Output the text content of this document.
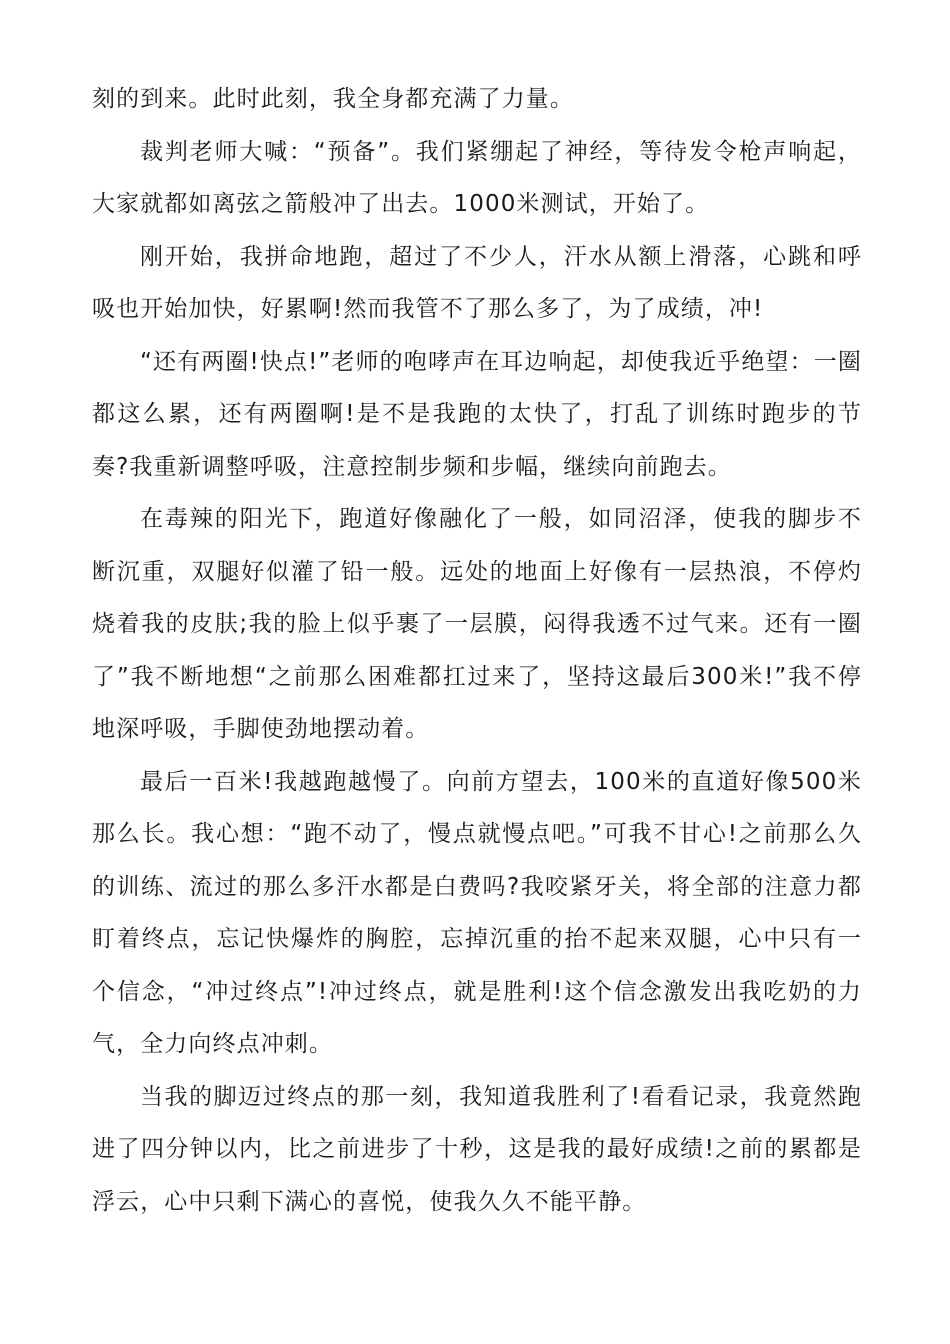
刻的到来。此时此刻，我全身都充满了力量。

裁判老师大喊：“预备”。我们紧绷起了神经，等待发令枪声响起，大家就都如离弦之箭般冲了出去。1000米测试，开始了。

刚开始，我拼命地跑，超过了不少人，汗水从额上滑落，心跳和呼吸也开始加快，好累啊!然而我管不了那么多了，为了成绩，冲!

“还有两圈!快点!”老师的咆哮声在耳边响起，却使我近乎绝望：一圈都这么累，还有两圈啊!是不是我跑的太快了，打乱了训练时跑步的节奏?我重新调整呼吸，注意控制步频和步幅，继续向前跑去。

在毒辣的阳光下，跑道好像融化了一般，如同沼泽，使我的脚步不断沉重，双腿好似灌了铅一般。远处的地面上好像有一层热浪，不停灼烧着我的皮肤;我的脸上似乎裹了一层膜，闷得我透不过气来。还有一圈了”我不断地想“之前那么困难都扛过来了，坚持这最后300米!”我不停地深呼吸，手脚使劲地摆动着。

最后一百米!我越跑越慢了。向前方望去，100米的直道好像500米那么长。我心想：“跑不动了，慢点就慢点吧。”可我不甘心!之前那么久的训练、流过的那么多汗水都是白费吗?我咬紧牙关，将全部的注意力都盯着终点，忘记快爆炸的胸腔，忘掉沉重的抬不起来双腿，心中只有一个信念，“冲过终点”!冲过终点，就是胜利!这个信念激发出我吃奶的力气，全力向终点冲刺。

当我的脚迈过终点的那一刻，我知道我胜利了!看看记录，我竟然跑进了四分钟以内，比之前进步了十秒，这是我的最好成绩!之前的累都是浮云，心中只剩下满心的喜悦，使我久久不能平静。
